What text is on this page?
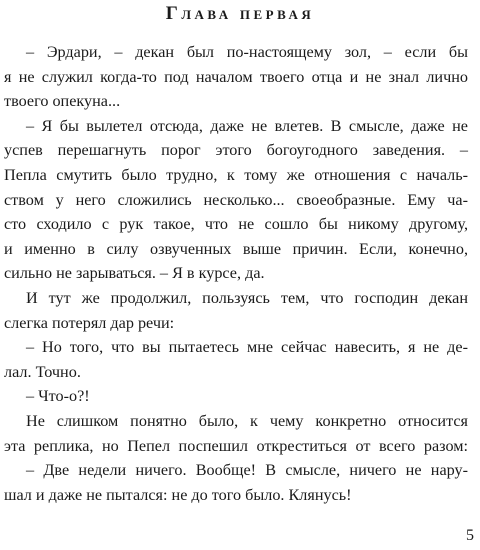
Глава первая
– Эрдари, – декан был по-настоящему зол, – если бы
я не служил когда-то под началом твоего отца и не знал лично
твоего опекуна...
– Я бы вылетел отсюда, даже не влетев. В смысле, даже не
успев перешагнуть порог этого богоугодного заведения. –
Пепла смутить было трудно, к тому же отношения с началь-
ством у него сложились несколько... своеобразные. Ему ча-
сто сходило с рук такое, что не сошло бы никому другому,
и именно в силу озвученных выше причин. Если, конечно,
сильно не зарываться. – Я в курсе, да.
И тут же продолжил, пользуясь тем, что господин декан
слегка потерял дар речи:
– Но того, что вы пытаетесь мне сейчас навесить, я не де-
лал. Точно.
– Что-о?!
Не слишком понятно было, к чему конкретно относится
эта реплика, но Пепел поспешил откреститься от всего разом:
– Две недели ничего. Вообще! В смысле, ничего не нару-
шал и даже не пытался: не до того было. Клянусь!
5
